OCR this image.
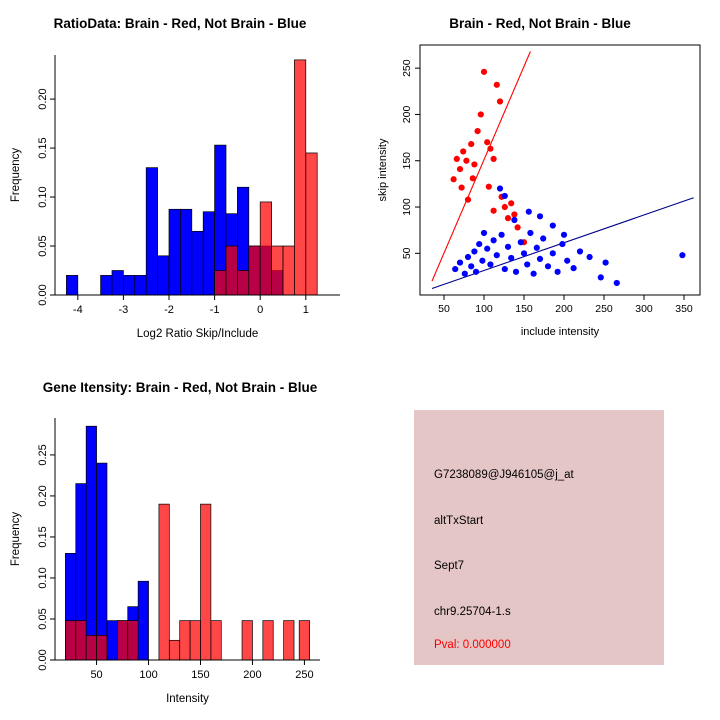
RatioData: Brain - Red, Not Brain - Blue
-4	-3	-2	-1	0	1
0.00
0.05
0.10
0.15
0.20
Log2 Ratio Skip/Include
Frequency
Brain - Red, Not Brain - Blue
50 100 150 200 250 300 350
50
100
150
200
250
include intensity
skip intensity
Gene Itensity: Brain - Red, Not Brain - Blue
50	100	150	200	250
0.00
0.05
0.10
0.15
0.20
0.25
Intensity
Frequency
G7238089@J946105@j_at
altTxStart
Sept7
chr9.25704-1.s
Pval: 0.000000
